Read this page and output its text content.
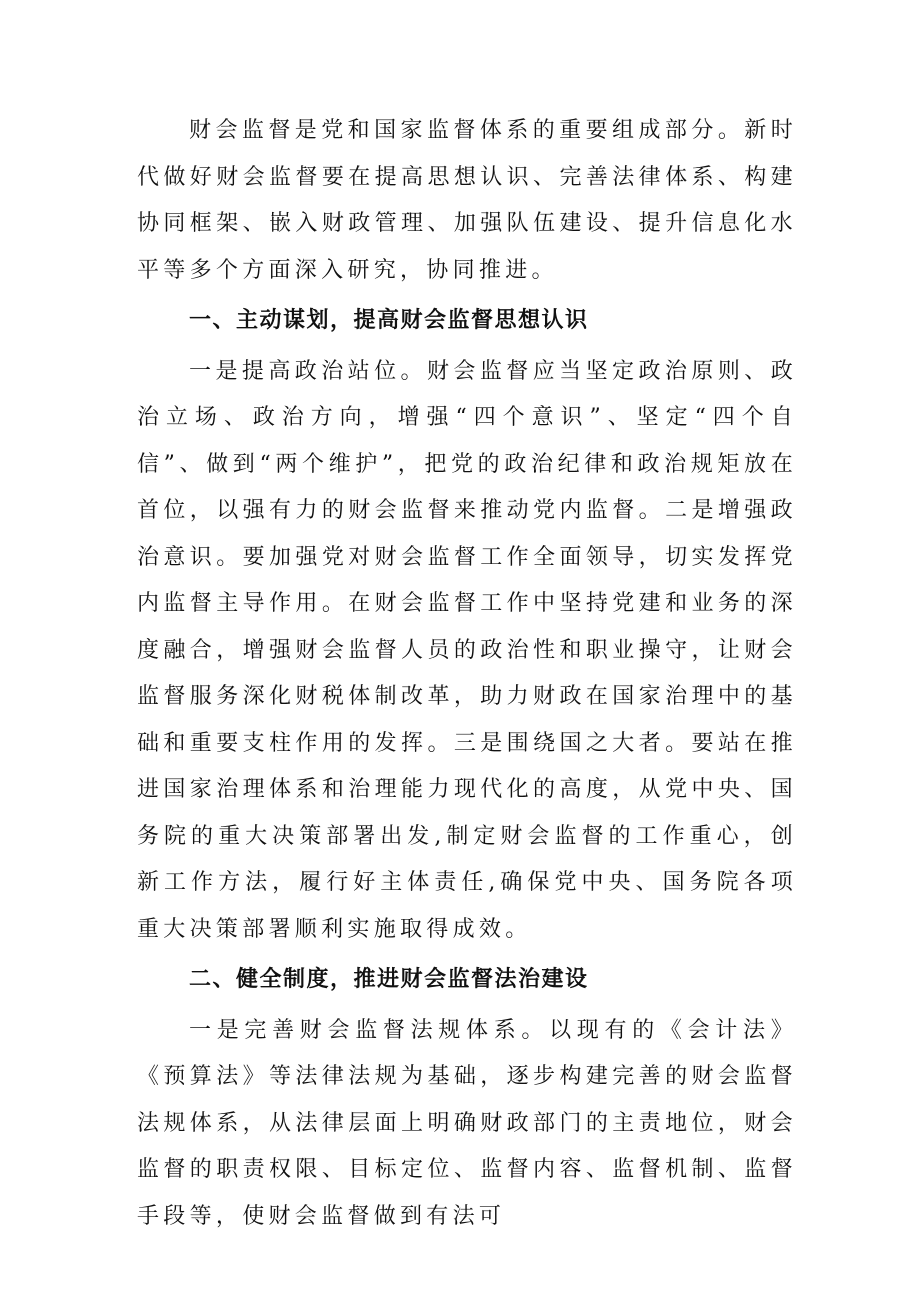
财会监督是党和国家监督体系的重要组成部分。新时代做好财会监督要在提高思想认识、完善法律体系、构建协同框架、嵌入财政管理、加强队伍建设、提升信息化水平等多个方面深入研究，协同推进。

一、主动谋划，提高财会监督思想认识

一是提高政治站位。财会监督应当坚定政治原则、政治立场、政治方向，增强“四个意识”、坚定“四个自信”、做到“两个维护”，把党的政治纪律和政治规矩放在首位，以强有力的财会监督来推动党内监督。二是增强政治意识。要加强党对财会监督工作全面领导，切实发挥党内监督主导作用。在财会监督工作中坚持党建和业务的深度融合，增强财会监督人员的政治性和职业操守，让财会监督服务深化财税体制改革，助力财政在国家治理中的基础和重要支柱作用的发挥。三是围绕国之大者。要站在推进国家治理体系和治理能力现代化的高度，从党中央、国务院的重大决策部署出发,制定财会监督的工作重心，创新工作方法，履行好主体责任,确保党中央、国务院各项重大决策部署顺利实施取得成效。

二、健全制度，推进财会监督法治建设

一是完善财会监督法规体系。以现有的《会计法》《预算法》等法律法规为基础，逐步构建完善的财会监督法规体系，从法律层面上明确财政部门的主责地位，财会监督的职责权限、目标定位、监督内容、监督机制、监督手段等，使财会监督做到有法可
